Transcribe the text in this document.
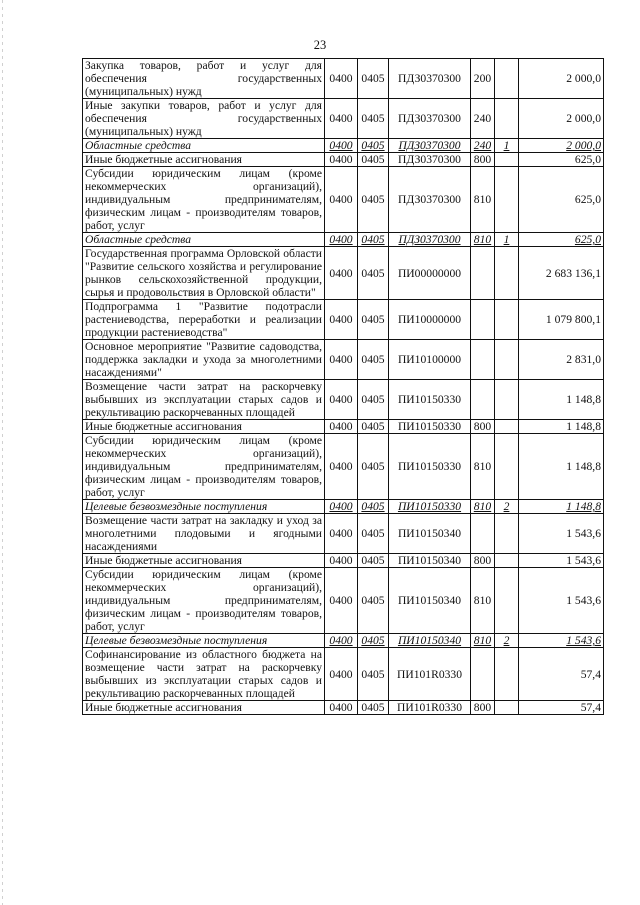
23
Закупка товаров, работ и услуг для обеспечения государственных (муниципальных) нужд	0400	0405	ПДЗ0370300	200		2 000,0
Иные закупки товаров, работ и услуг для обеспечения государственных (муниципальных) нужд	0400	0405	ПДЗ0370300	240		2 000,0
Областные средства	0400	0405	ПДЗ0370300	240	1	2 000,0
Иные бюджетные ассигнования	0400	0405	ПДЗ0370300	800		625,0
Субсидии юридическим лицам (кроме некоммерческих организаций), индивидуальным предпринимателям, физическим лицам - производителям товаров, работ, услуг	0400	0405	ПДЗ0370300	810		625,0
Областные средства	0400	0405	ПДЗ0370300	810	1	625,0
Государственная программа Орловской области "Развитие сельского хозяйства и регулирование рынков сельскохозяйственной продукции, сырья и продовольствия в Орловской области"	0400	0405	ПИ00000000			2 683 136,1
Подпрограмма 1 "Развитие подотрасли растениеводства, переработки и реализации продукции растениеводства"	0400	0405	ПИ10000000			1 079 800,1
Основное мероприятие "Развитие садоводства, поддержка закладки и ухода за многолетними насаждениями"	0400	0405	ПИ10100000			2 831,0
Возмещение части затрат на раскорчевку выбывших из эксплуатации старых садов и рекультивацию раскорчеванных площадей	0400	0405	ПИ10150330			1 148,8
Иные бюджетные ассигнования	0400	0405	ПИ10150330	800		1 148,8
Субсидии юридическим лицам (кроме некоммерческих организаций), индивидуальным предпринимателям, физическим лицам - производителям товаров, работ, услуг	0400	0405	ПИ10150330	810		1 148,8
Целевые безвозмездные поступления	0400	0405	ПИ10150330	810	2	1 148,8
Возмещение части затрат на закладку и уход за многолетними плодовыми и ягодными насаждениями	0400	0405	ПИ10150340			1 543,6
Иные бюджетные ассигнования	0400	0405	ПИ10150340	800		1 543,6
Субсидии юридическим лицам (кроме некоммерческих организаций), индивидуальным предпринимателям, физическим лицам - производителям товаров, работ, услуг	0400	0405	ПИ10150340	810		1 543,6
Целевые безвозмездные поступления	0400	0405	ПИ10150340	810	2	1 543,6
Софинансирование из областного бюджета на возмещение части затрат на раскорчевку выбывших из эксплуатации старых садов и рекультивацию раскорчеванных площадей	0400	0405	ПИ101R0330			57,4
Иные бюджетные ассигнования	0400	0405	ПИ101R0330	800		57,4
